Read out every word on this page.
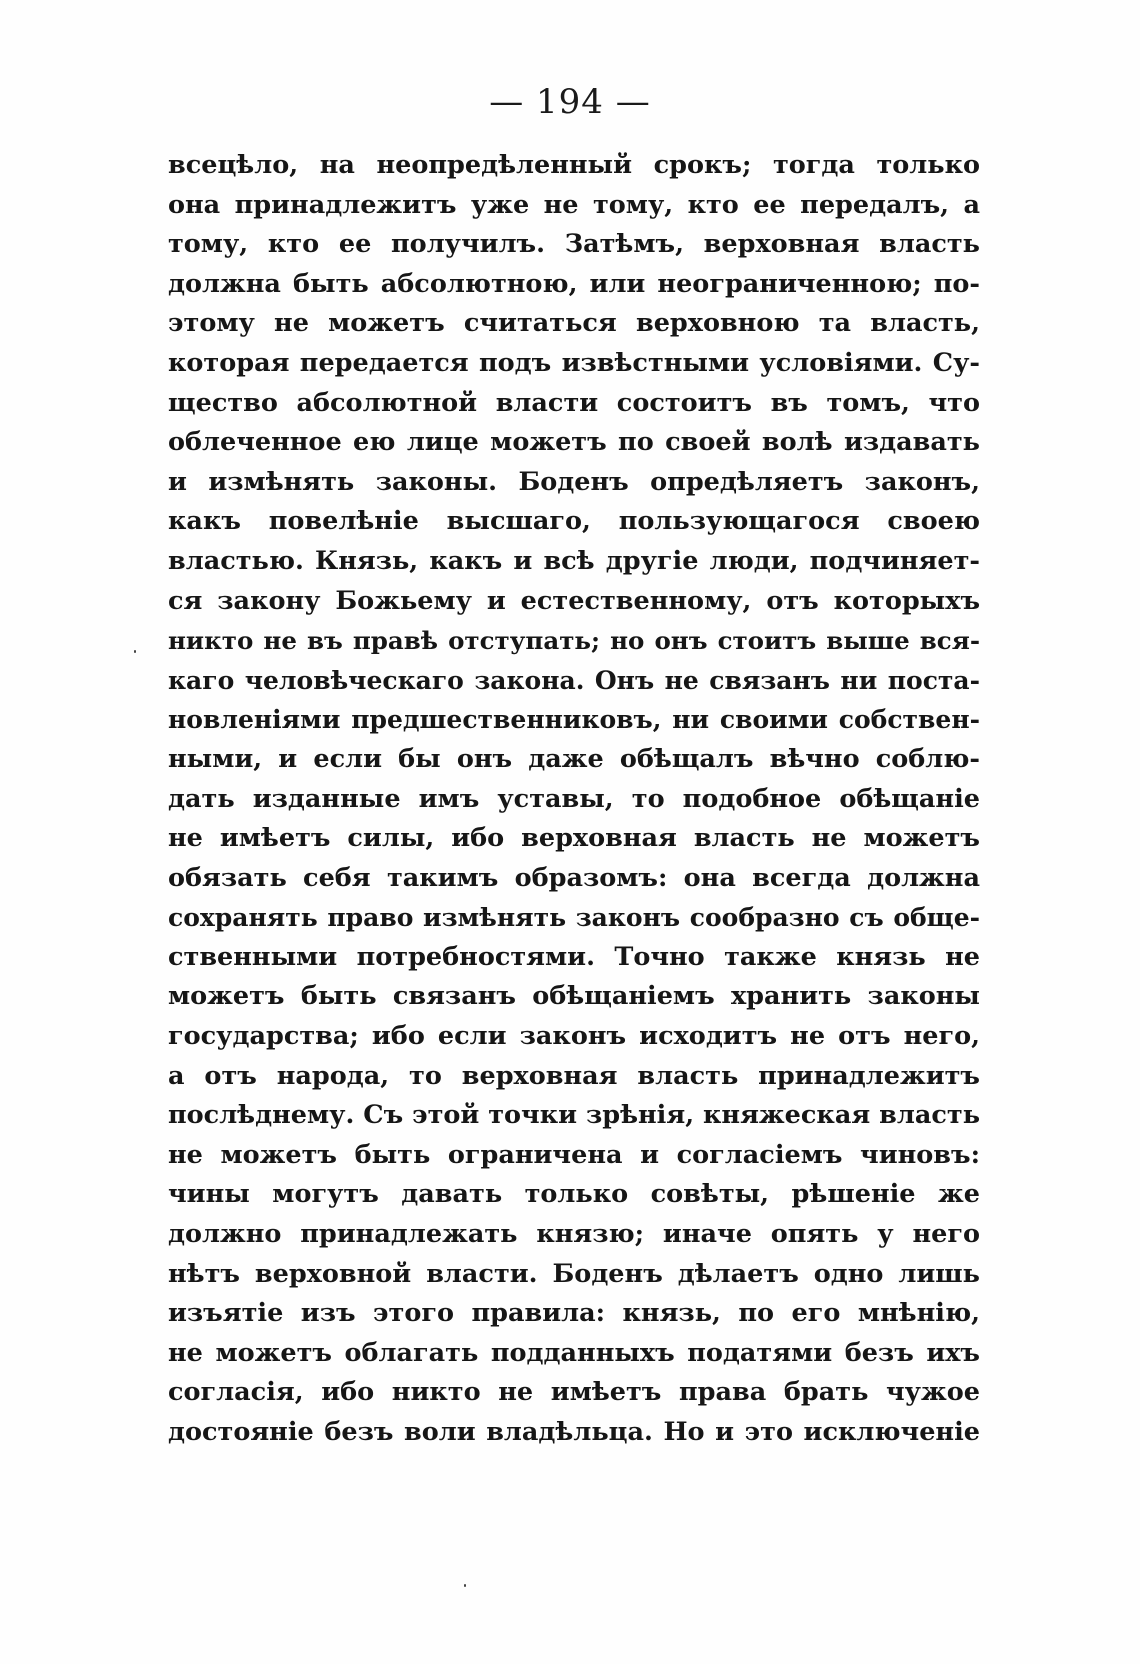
— 194 —
всецѣло, на неопредѣленный срокъ; тогда только
она принадлежитъ уже не тому, кто ее передалъ, а
тому, кто ее получилъ. Затѣмъ, верховная власть
должна быть абсолютною, или неограниченною; по-
этому не можетъ считаться верховною та власть,
которая передается подъ извѣстными условіями. Су-
щество абсолютной власти состоитъ въ томъ, что
облеченное ею лице можетъ по своей волѣ издавать
и измѣнять законы. Боденъ опредѣляетъ законъ,
какъ повелѣніе высшаго, пользующагося своею
властью. Князь, какъ и всѣ другіе люди, подчиняет-
ся закону Божьему и естественному, отъ которыхъ
никто не въ правѣ отступать; но онъ стоитъ выше вся-
каго человѣческаго закона. Онъ не связанъ ни поста-
новленіями предшественниковъ, ни своими собствен-
ными, и если бы онъ даже обѣщалъ вѣчно соблю-
дать изданные имъ уставы, то подобное обѣщаніе
не имѣетъ силы, ибо верховная власть не можетъ
обязать себя такимъ образомъ: она всегда должна
сохранять право измѣнять законъ сообразно съ обще-
ственными потребностями. Точно также князь не
можетъ быть связанъ обѣщаніемъ хранить законы
государства; ибо если законъ исходитъ не отъ него,
а отъ народа, то верховная власть принадлежитъ
послѣднему. Съ этой точки зрѣнія, княжеская власть
не можетъ быть ограничена и согласіемъ чиновъ:
чины могутъ давать только совѣты, рѣшеніе же
должно принадлежать князю; иначе опять у него
нѣтъ верховной власти. Боденъ дѣлаетъ одно лишь
изъятіе изъ этого правила: князь, по его мнѣнію,
не можетъ облагать подданныхъ податями безъ ихъ
согласія, ибо никто не имѣетъ права брать чужое
достояніе безъ воли владѣльца. Но и это исключеніе
